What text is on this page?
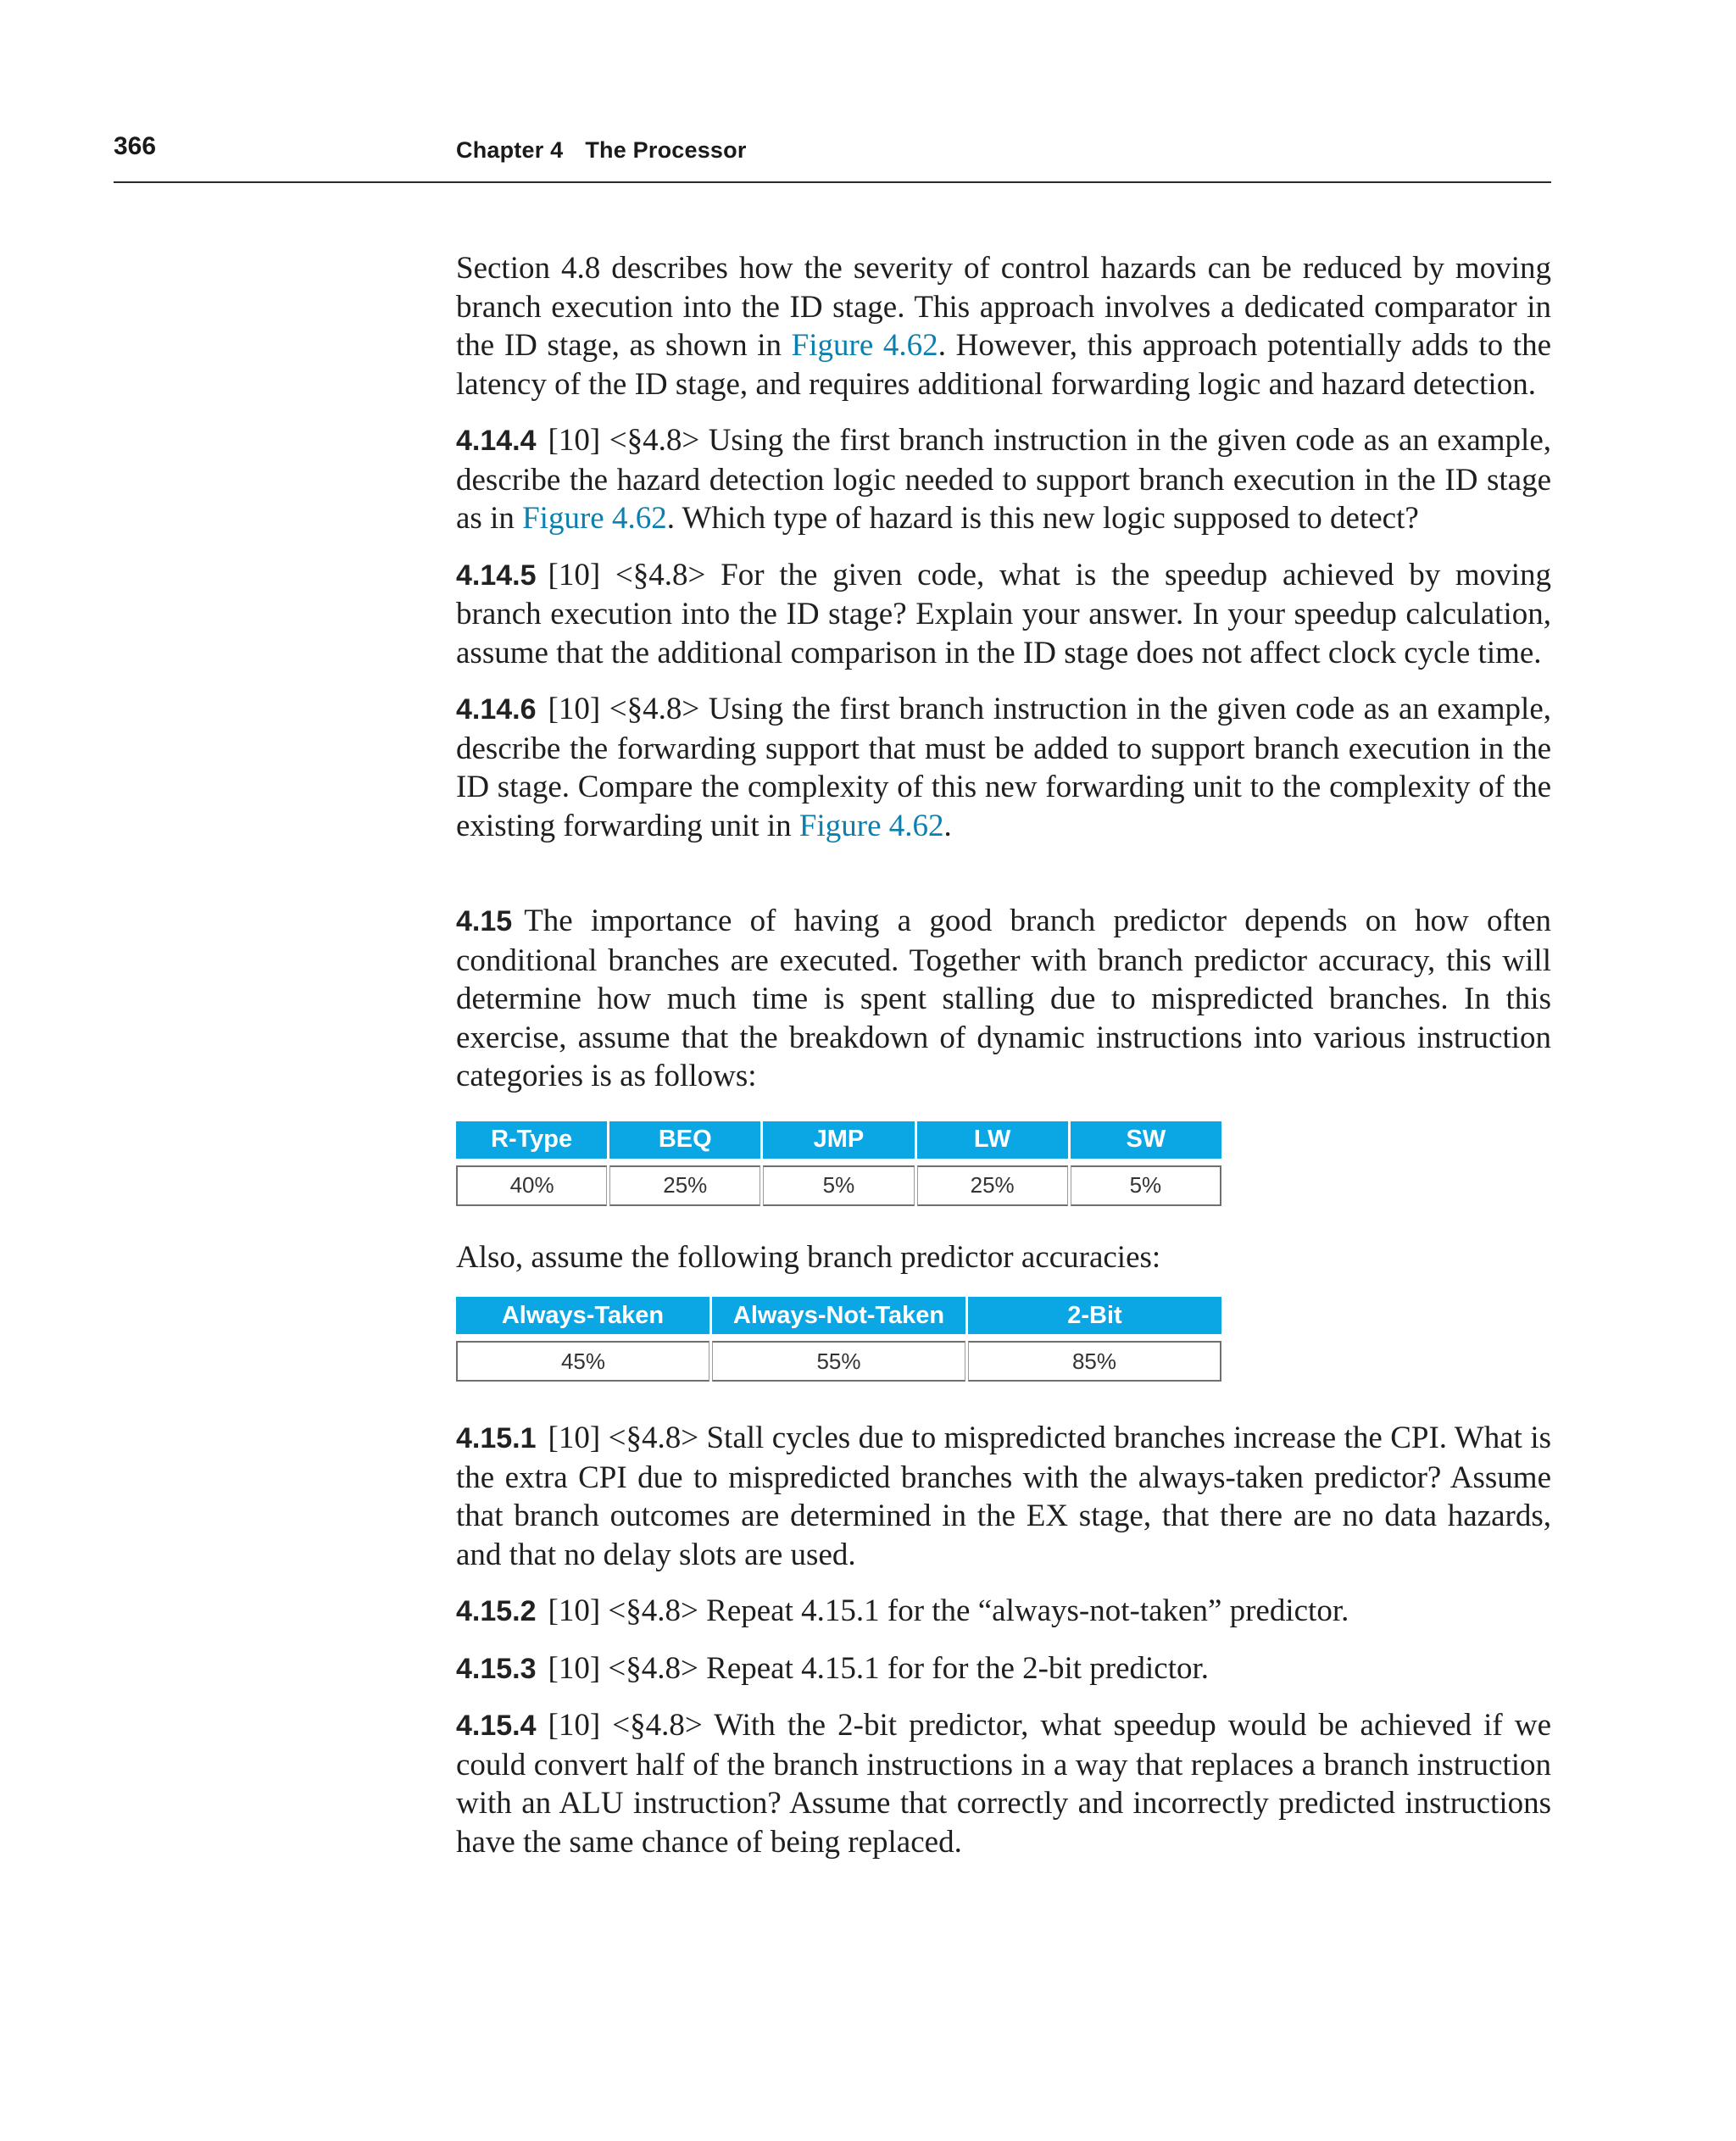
366	Chapter 4 The Processor

Section 4.8 describes how the severity of control hazards can be reduced by moving branch execution into the ID stage. This approach involves a dedicated comparator in the ID stage, as shown in Figure 4.62. However, this approach potentially adds to the latency of the ID stage, and requires additional forwarding logic and hazard detection.

4.14.4 [10] <§4.8> Using the first branch instruction in the given code as an example, describe the hazard detection logic needed to support branch execution in the ID stage as in Figure 4.62. Which type of hazard is this new logic supposed to detect?

4.14.5 [10] <§4.8> For the given code, what is the speedup achieved by moving branch execution into the ID stage? Explain your answer. In your speedup calculation, assume that the additional comparison in the ID stage does not affect clock cycle time.

4.14.6 [10] <§4.8> Using the first branch instruction in the given code as an example, describe the forwarding support that must be added to support branch execution in the ID stage. Compare the complexity of this new forwarding unit to the complexity of the existing forwarding unit in Figure 4.62.

4.15 The importance of having a good branch predictor depends on how often conditional branches are executed. Together with branch predictor accuracy, this will determine how much time is spent stalling due to mispredicted branches. In this exercise, assume that the breakdown of dynamic instructions into various instruction categories is as follows:

R-Type	BEQ	JMP	LW	SW

40%	25%	5%	25%	5%

Also, assume the following branch predictor accuracies:

Always-Taken	Always-Not-Taken	2-Bit

45%	55%	85%

4.15.1 [10] <§4.8> Stall cycles due to mispredicted branches increase the CPI. What is the extra CPI due to mispredicted branches with the always-taken predictor? Assume that branch outcomes are determined in the EX stage, that there are no data hazards, and that no delay slots are used.

4.15.2 [10] <§4.8> Repeat 4.15.1 for the “always-not-taken” predictor.

4.15.3 [10] <§4.8> Repeat 4.15.1 for for the 2-bit predictor.

4.15.4 [10] <§4.8> With the 2-bit predictor, what speedup would be achieved if we could convert half of the branch instructions in a way that replaces a branch instruction with an ALU instruction? Assume that correctly and incorrectly predicted instructions have the same chance of being replaced.
